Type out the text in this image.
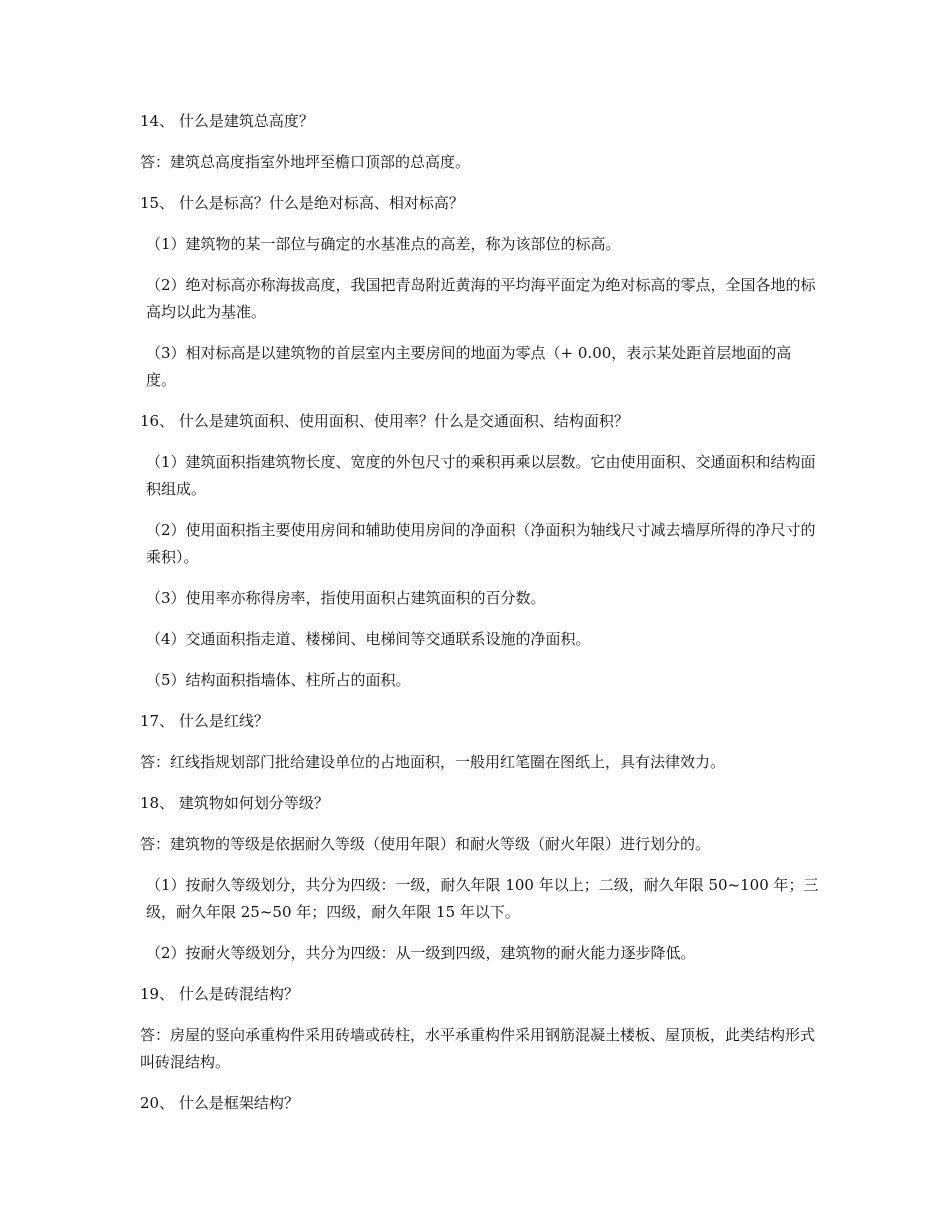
14、 什么是建筑总高度？

答：建筑总高度指室外地坪至檐口顶部的总高度。

15、 什么是标高？什么是绝对标高、相对标高？

（1）建筑物的某一部位与确定的水基准点的高差，称为该部位的标高。

（2）绝对标高亦称海拔高度，我国把青岛附近黄海的平均海平面定为绝对标高的零点，全国各地的标高均以此为基准。

（3）相对标高是以建筑物的首层室内主要房间的地面为零点（+ 0.00，表示某处距首层地面的高度。

16、 什么是建筑面积、使用面积、使用率？什么是交通面积、结构面积？

（1）建筑面积指建筑物长度、宽度的外包尺寸的乘积再乘以层数。它由使用面积、交通面积和结构面积组成。

（2）使用面积指主要使用房间和辅助使用房间的净面积（净面积为轴线尺寸减去墙厚所得的净尺寸的乘积）。

（3）使用率亦称得房率，指使用面积占建筑面积的百分数。

（4）交通面积指走道、楼梯间、电梯间等交通联系设施的净面积。

（5）结构面积指墙体、柱所占的面积。

17、 什么是红线？

答：红线指规划部门批给建设单位的占地面积，一般用红笔圈在图纸上，具有法律效力。

18、 建筑物如何划分等级？

答：建筑物的等级是依据耐久等级（使用年限）和耐火等级（耐火年限）进行划分的。

（1）按耐久等级划分，共分为四级：一级，耐久年限 100 年以上；二级，耐久年限 50~100 年；三级，耐久年限 25~50 年；四级，耐久年限 15 年以下。

（2）按耐火等级划分，共分为四级：从一级到四级，建筑物的耐火能力逐步降低。

19、 什么是砖混结构？

答：房屋的竖向承重构件采用砖墙或砖柱，水平承重构件采用钢筋混凝土楼板、屋顶板，此类结构形式叫砖混结构。

20、 什么是框架结构？
